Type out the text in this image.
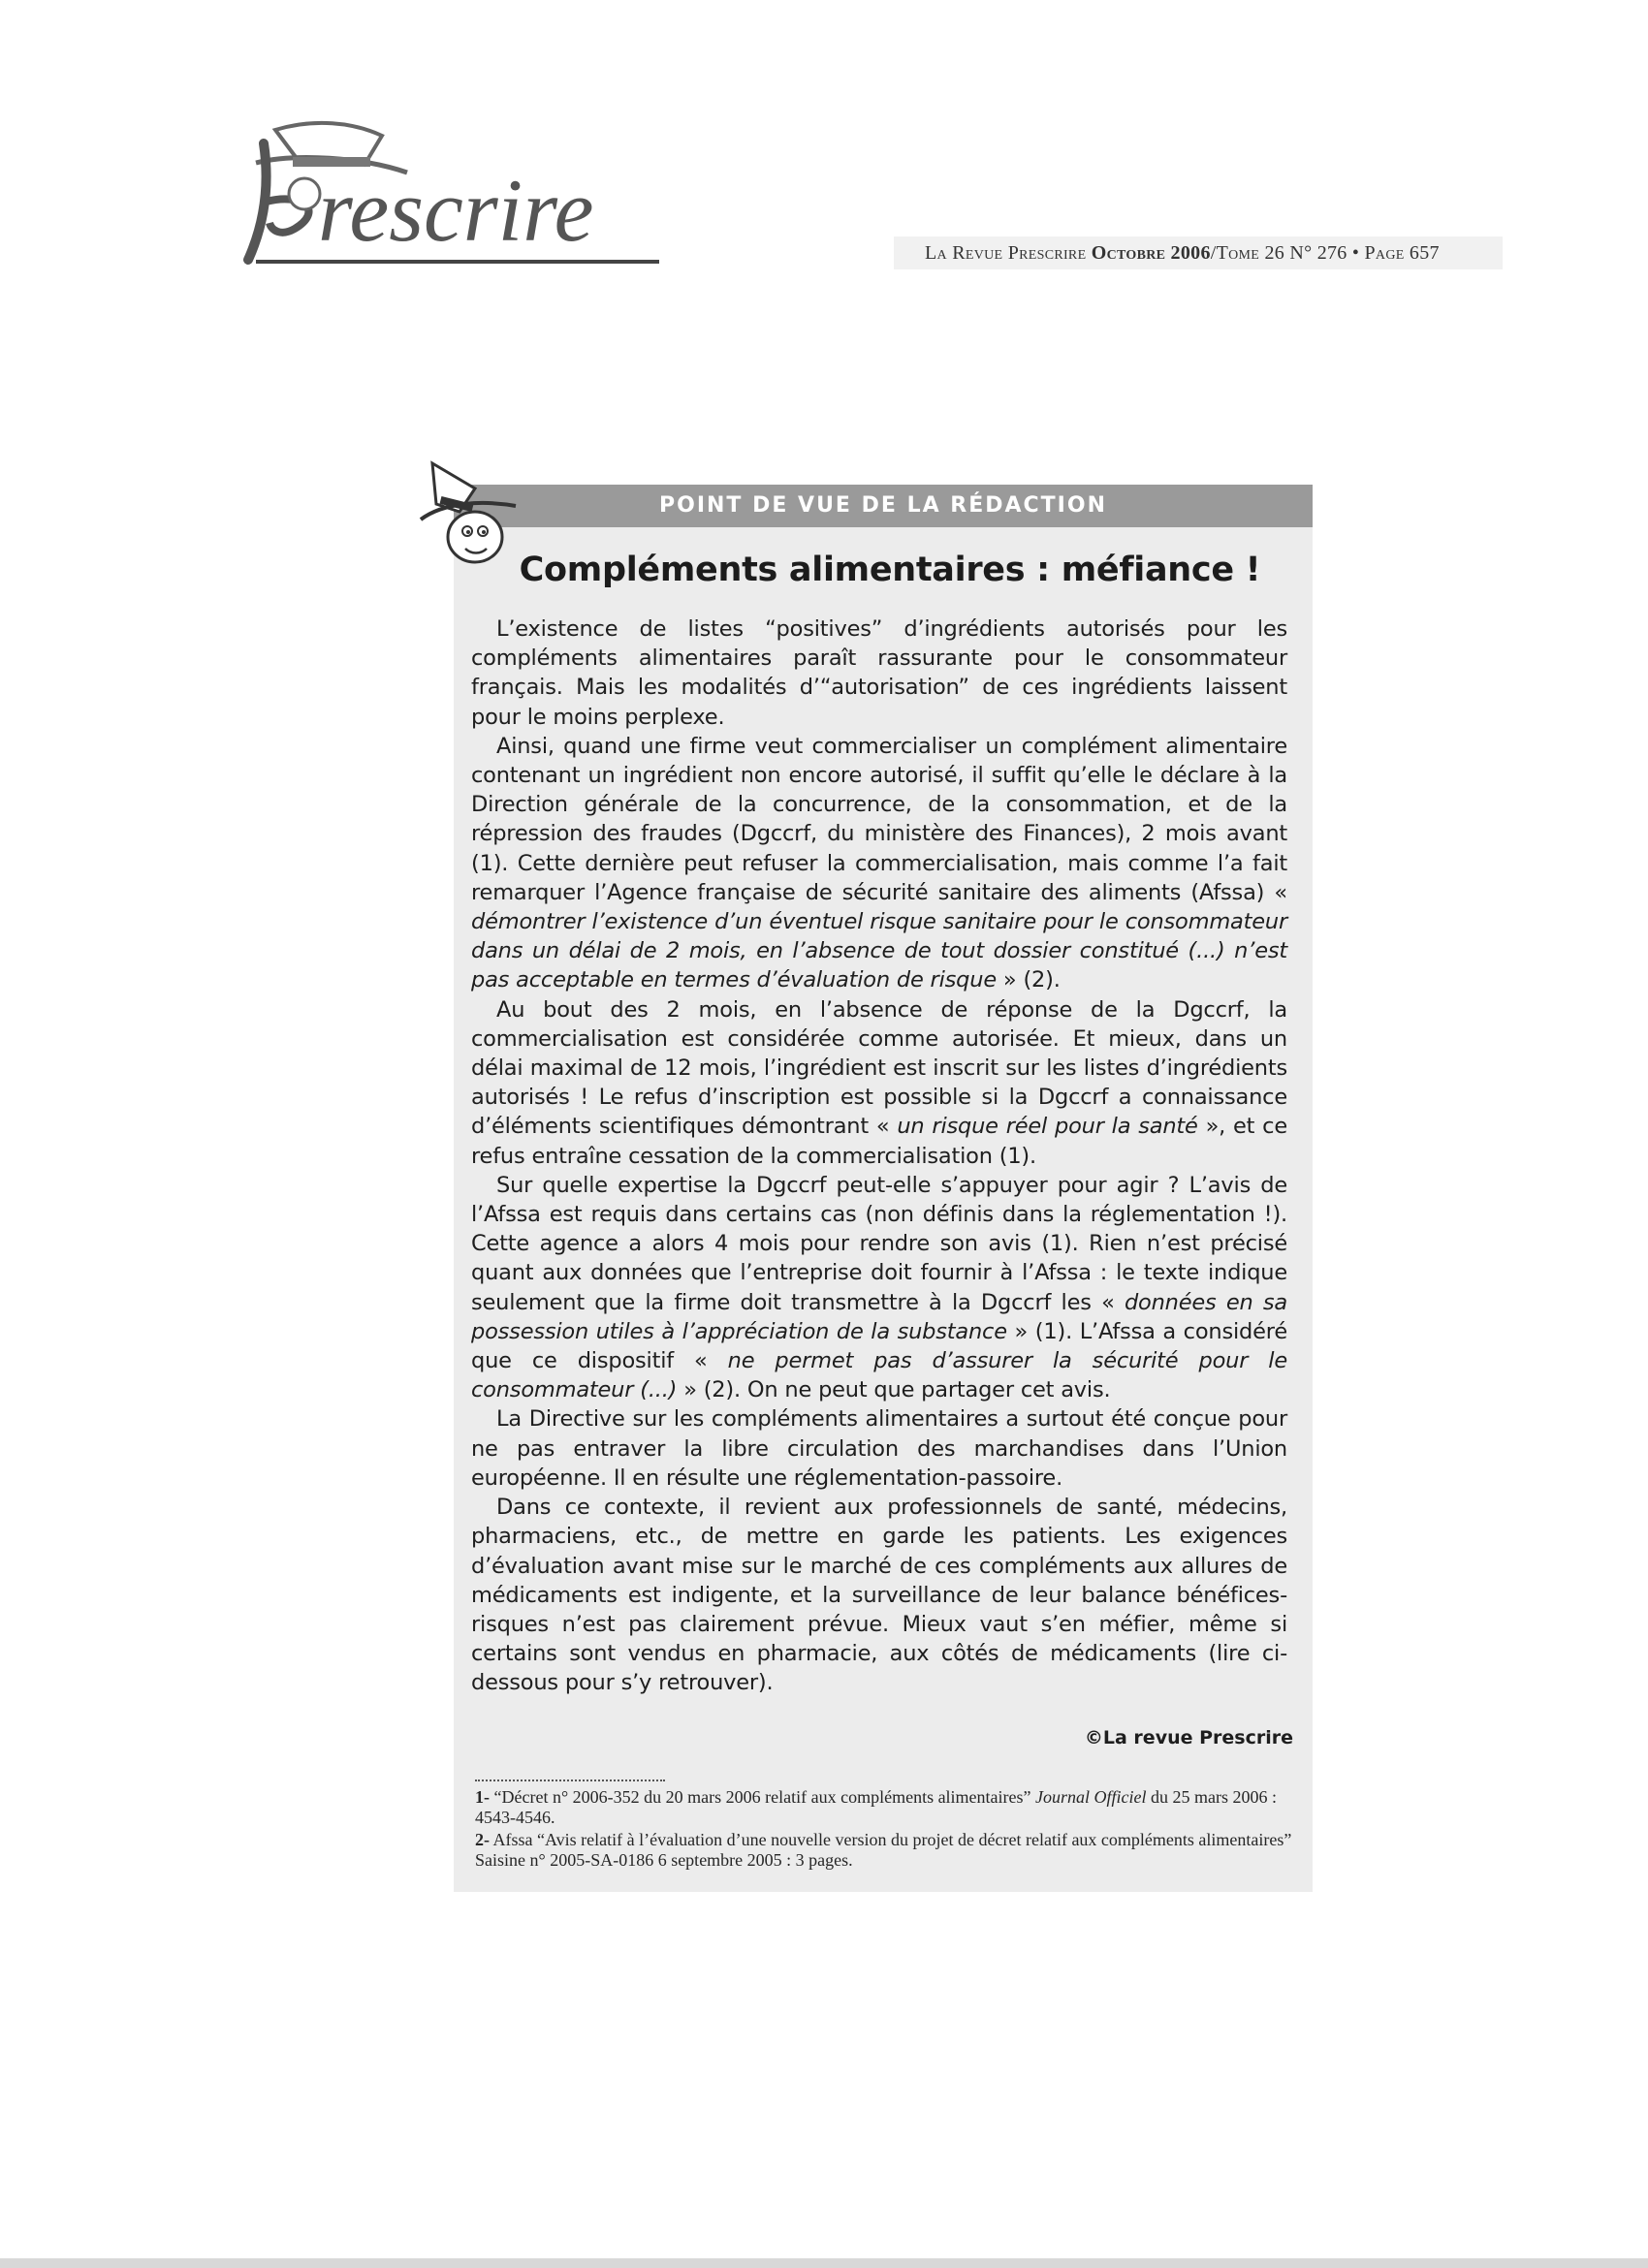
rescrire	La Revue Prescrire Octobre 2006/Tome 26 N° 276 • Page 657
POINT DE VUE DE LA RÉDACTION
Compléments alimentaires : méfiance !

L’existence de listes “positives” d’ingrédients autorisés pour les compléments alimentaires paraît rassurante pour le consommateur français. Mais les modalités d’“autorisation” de ces ingrédients laissent pour le moins perplexe.

Ainsi, quand une firme veut commercialiser un complément alimentaire contenant un ingrédient non encore autorisé, il suffit qu’elle le déclare à la Direction générale de la concurrence, de la consommation, et de la répression des fraudes (Dgccrf, du ministère des Finances), 2 mois avant (1). Cette dernière peut refuser la commercialisation, mais comme l’a fait remarquer l’Agence française de sécurité sanitaire des aliments (Afssa) « démontrer l’existence d’un éventuel risque sanitaire pour le consommateur dans un délai de 2 mois, en l’absence de tout dossier constitué (...) n’est pas acceptable en termes d’évaluation de risque » (2).

Au bout des 2 mois, en l’absence de réponse de la Dgccrf, la commercialisation est considérée comme autorisée. Et mieux, dans un délai maximal de 12 mois, l’ingrédient est inscrit sur les listes d’ingrédients autorisés ! Le refus d’inscription est possible si la Dgccrf a connaissance d’éléments scientifiques démontrant « un risque réel pour la santé », et ce refus entraîne cessation de la commercialisation (1).

Sur quelle expertise la Dgccrf peut-elle s’appuyer pour agir ? L’avis de l’Afssa est requis dans certains cas (non définis dans la réglementation !). Cette agence a alors 4 mois pour rendre son avis (1). Rien n’est précisé quant aux données que l’entreprise doit fournir à l’Afssa : le texte indique seulement que la firme doit transmettre à la Dgccrf les « données en sa possession utiles à l’appréciation de la substance » (1). L’Afssa a considéré que ce dispositif « ne permet pas d’assurer la sécurité pour le consommateur (...) » (2). On ne peut que partager cet avis.

La Directive sur les compléments alimentaires a surtout été conçue pour ne pas entraver la libre circulation des marchandises dans l’Union européenne. Il en résulte une réglementation-passoire.

Dans ce contexte, il revient aux professionnels de santé, médecins, pharmaciens, etc., de mettre en garde les patients. Les exigences d’évaluation avant mise sur le marché de ces compléments aux allures de médicaments est indigente, et la surveillance de leur balance bénéfices-risques n’est pas clairement prévue. Mieux vaut s’en méfier, même si certains sont vendus en pharmacie, aux côtés de médicaments (lire ci-dessous pour s’y retrouver).

©La revue Prescrire
1- “Décret n° 2006-352 du 20 mars 2006 relatif aux compléments alimentaires” Journal Officiel du 25 mars 2006 : 4543-4546.
2- Afssa “Avis relatif à l’évaluation d’une nouvelle version du projet de décret relatif aux compléments alimentaires” Saisine n° 2005-SA-0186 6 septembre 2005 : 3 pages.
